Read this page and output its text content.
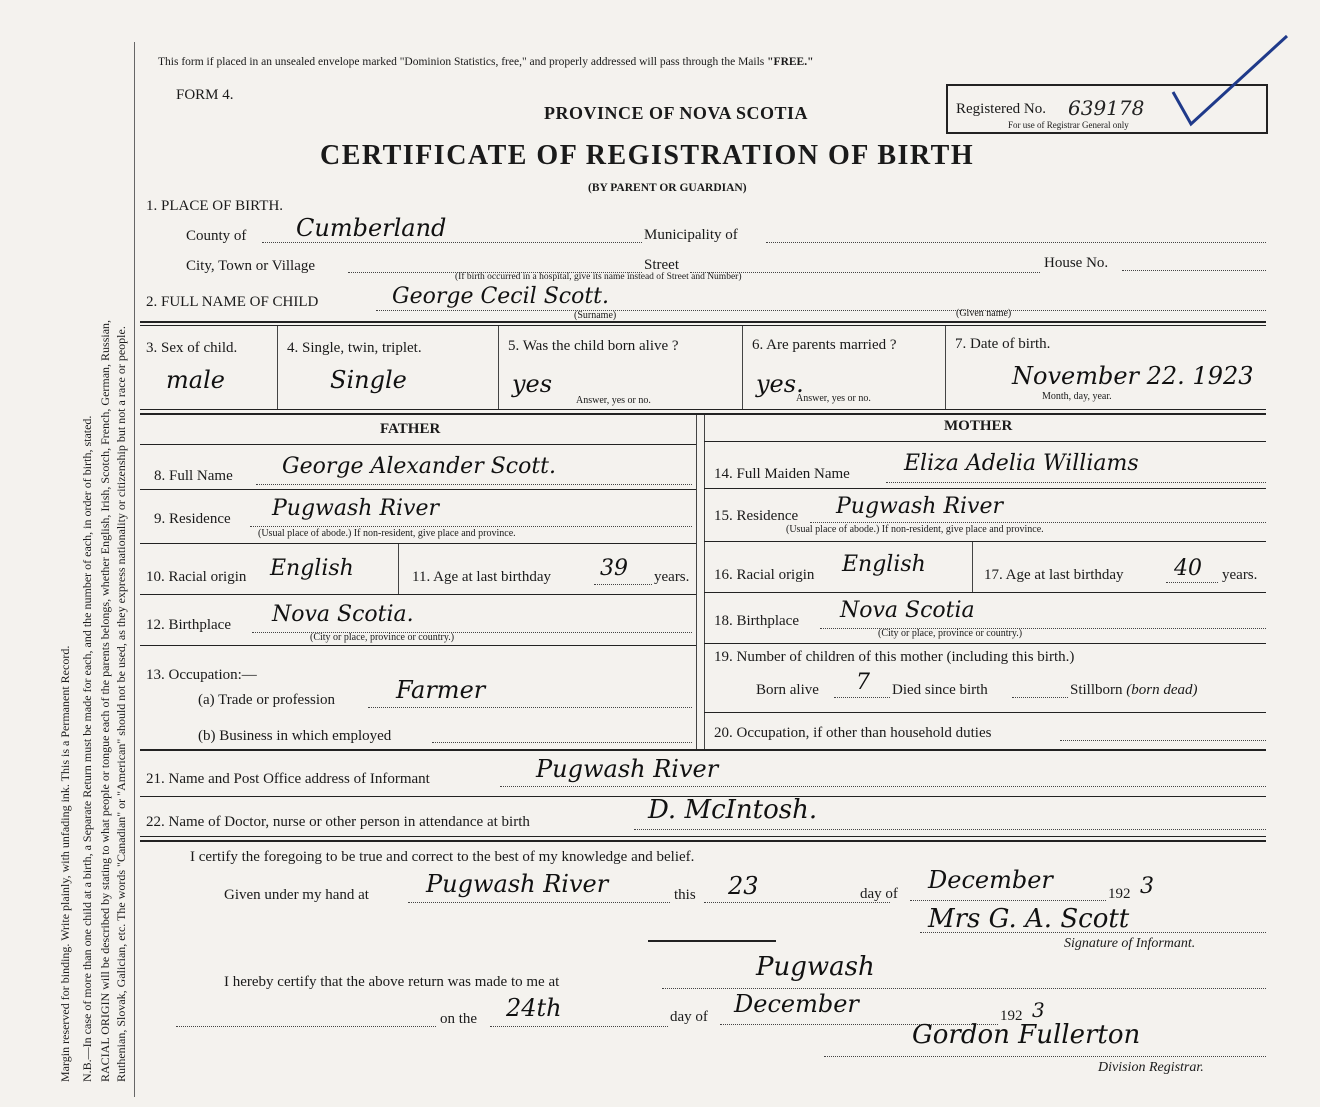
Margin reserved for binding. Write plainly, with unfading ink. This is a Permanent Record. N.B.—In case of more than one child at a birth, a Separate Return must be made for each, and the number of each, in order of birth, stated. RACIAL ORIGIN will be described by stating to what people or tongue each of the parents belongs, whether English, Irish, Scotch, French, German, Russian, Ruthenian, Slovak, Galician, etc. The words "Canadian" or "American" should not be used, as they express nationality or citizenship but not a race or people.
This form if placed in an unsealed envelope marked "Dominion Statistics, free," and properly addressed will pass through the Mails "FREE."
FORM 4.
PROVINCE OF NOVA SCOTIA	Registered No. 639178
For use of Registrar General only
CERTIFICATE OF REGISTRATION OF BIRTH
(BY PARENT OR GUARDIAN)
1. PLACE OF BIRTH.
County of Cumberland	Municipality of
City, Town or Village	Street	House No.
(If birth occurred in a hospital, give its name instead of Street and Number)
2. FULL NAME OF CHILD	George Cecil Scott.
(Surname)	(Given name)
3. Sex of child.
male
4. Single, twin, triplet.
Single
5. Was the child born alive ?
yes
Answer, yes or no.
6. Are parents married ?
yes.
Answer, yes or no.
7. Date of birth.
November 22. 1923
Month, day, year.
FATHER	MOTHER
8. Full Name George Alexander Scott.	14. Full Maiden Name Eliza Adelia Williams
9. Residence Pugwash River
(Usual place of abode.) If non-resident, give place and province.
15. Residence Pugwash River
(Usual place of abode.) If non-resident, give place and province.
10. Racial origin English	11. Age at last birthday 39 years. 16. Racial origin English	17. Age at last birthday 40 years.
12. Birthplace Nova Scotia.
(City or place, province or country.)
18. Birthplace Nova Scotia
(City or place, province or country.)
13. Occupation:—
(a) Trade or profession	Farmer
(b) Business in which employed
19. Number of children of this mother (including this birth.)
Born alive 7 Died since birth	Stillborn (born dead)
20. Occupation, if other than household duties
21. Name and Post Office address of Informant	Pugwash River
22. Name of Doctor, nurse or other person in attendance at birth	D. McIntosh.
I certify the foregoing to be true and correct to the best of my knowledge and belief.
Given under my hand at Pugwash River	this 23	day of December	192 3
Mrs G. A. Scott
Signature of Informant.
I hereby certify that the above return was made to me at	Pugwash
on the 24th	day of December	192 3
Gordon Fullerton
Division Registrar.
